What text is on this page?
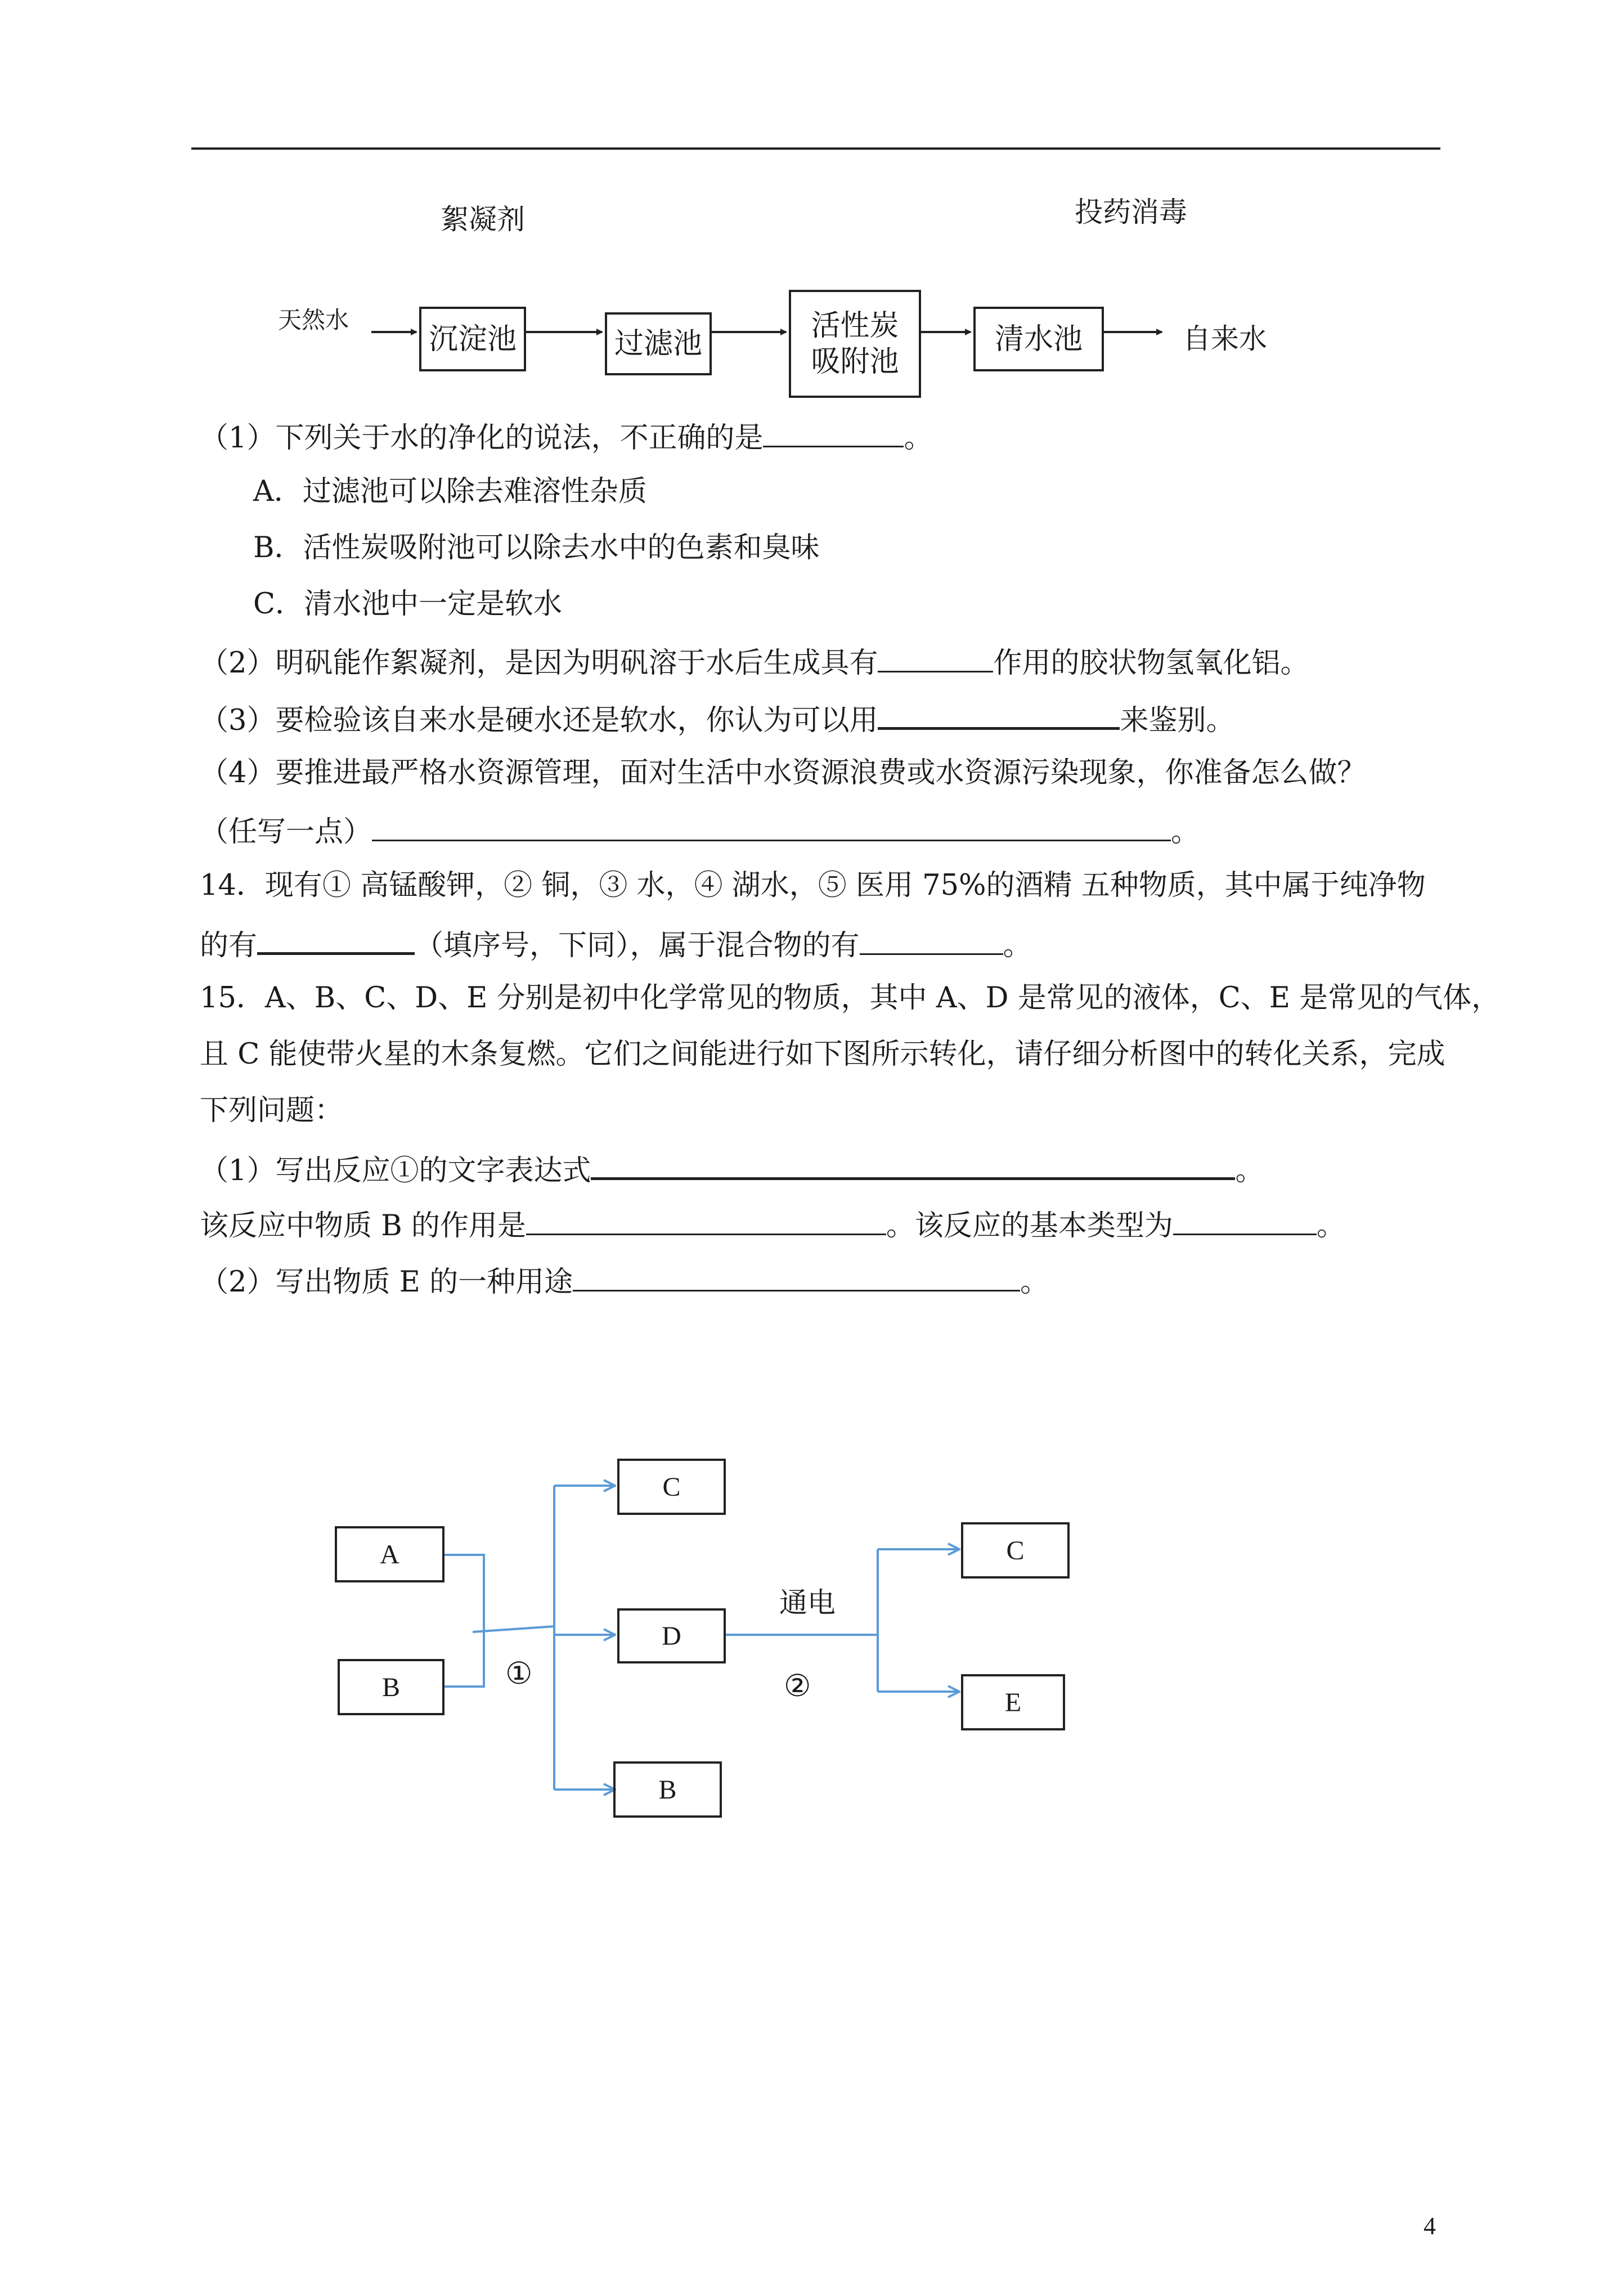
絮凝剂	投药消毒
天然水
沉淀池	过滤池
活性炭
吸附池
清水池	自来水
（1）下列关于水的净化的说法，不正确的是	。
A．过滤池可以除去难溶性杂质
B．活性炭吸附池可以除去水中的色素和臭味
C．清水池中一定是软水
（2）明矾能作絮凝剂，是因为明矾溶于水后生成具有	作用的胶状物氢氧化铝。
（3）要检验该自来水是硬水还是软水，你认为可以用	来鉴别。
（4）要推进最严格水资源管理，面对生活中水资源浪费或水资源污染现象，你准备怎么做？
（任写一点）	。
14．现有① 高锰酸钾，② 铜，③ 水，④ 湖水，⑤ 医用 75%的酒精 五种物质，其中属于纯净物
的有	（填序号，下同），属于混合物的有	。
15．A、B、C、D、E 分别是初中化学常见的物质，其中 A、D 是常见的液体，C、E 是常见的气体，
且 C 能使带火星的木条复燃。它们之间能进行如下图所示转化，请仔细分析图中的转化关系，完成
下列问题：
（1）写出反应①的文字表达式	。
该反应中物质 B 的作用是	。该反应的基本类型为	。
（2）写出物质 E 的一种用途	。
A
B
C
D
B
C
E
①	②
通电
4
